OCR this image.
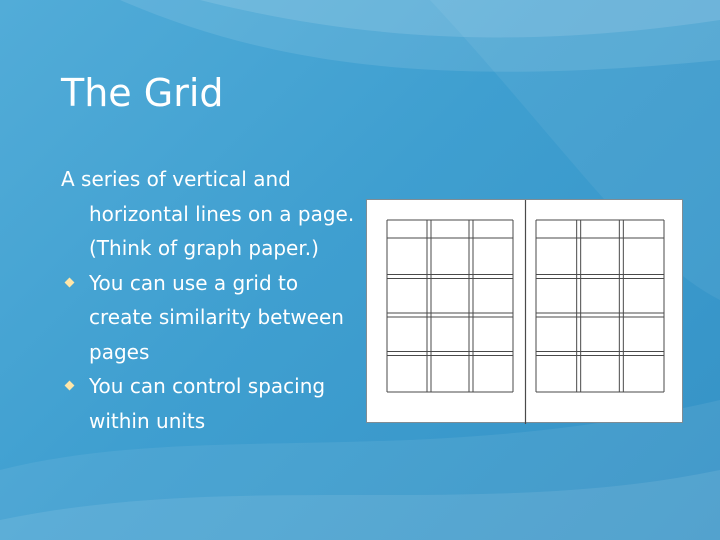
The Grid
A series of vertical and horizontal lines on a page. (Think of graph paper.)
You can use a grid to create similarity between pages
You can control spacing within units
